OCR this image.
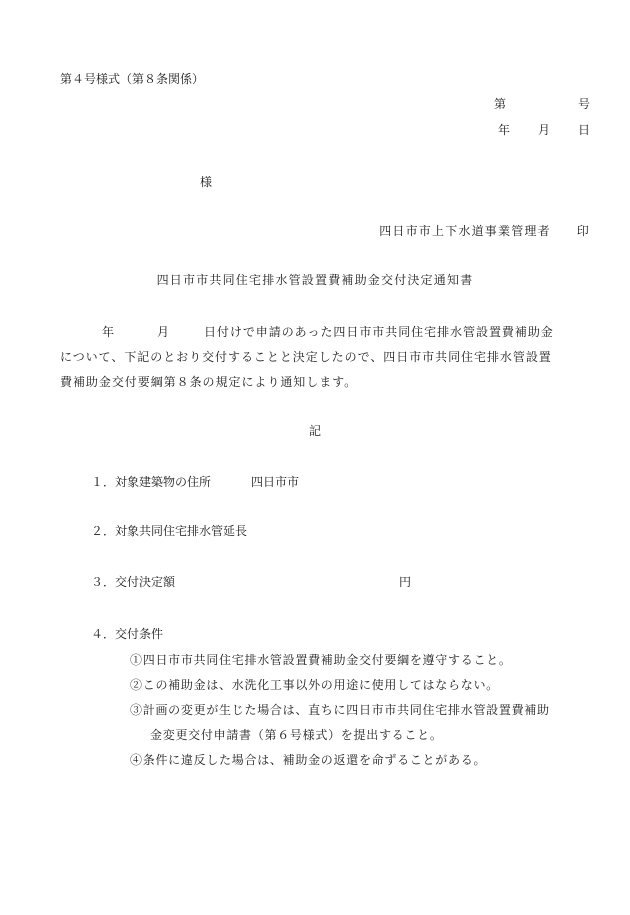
第４号様式（第８条関係）
第	号
年 月 日
様
四日市市上下水道事業管理者 印
四日市市共同住宅排水管設置費補助金交付決定通知書
年	月	日付けで申請のあった四日市市共同住宅排水管設置費補助金
について、下記のとおり交付することと決定したので、四日市市共同住宅排水管設置
費補助金交付要綱第８条の規定により通知します。
記
１．対象建築物の住所	四日市市
２．対象共同住宅排水管延長
３．交付決定額	円
４．交付条件
①四日市市共同住宅排水管設置費補助金交付要綱を遵守すること。
②この補助金は、水洗化工事以外の用途に使用してはならない。
③計画の変更が生じた場合は、直ちに四日市市共同住宅排水管設置費補助
金変更交付申請書（第６号様式）を提出すること。
④条件に違反した場合は、補助金の返還を命ずることがある。
